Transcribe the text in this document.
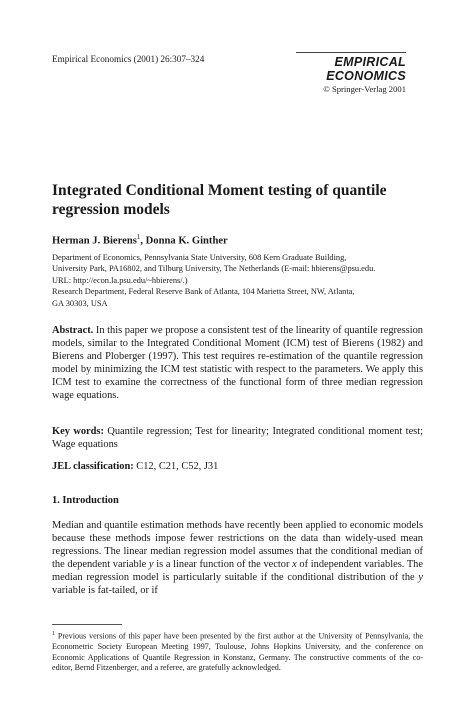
Empirical Economics (2001) 26:307–324	EMPIRICAL
ECONOMICS
© Springer-Verlag 2001
Integrated Conditional Moment testing of quantile regression models
Herman J. Bierens$^1$, Donna K. Ginther
Department of Economics, Pennsylvania State University, 608 Kern Graduate Building,
University Park, PA16802, and Tilburg University, The Netherlands (E-mail: hbierens@psu.edu.
URL: http://econ.la.psu.edu/~hbierens/.)
Research Department, Federal Reserve Bank of Atlanta, 104 Marietta Street, NW, Atlanta,
GA 30303, USA
Abstract. In this paper we propose a consistent test of the linearity of quantile regression models, similar to the Integrated Conditional Moment (ICM) test of Bierens (1982) and Bierens and Ploberger (1997). This test requires re-estimation of the quantile regression model by minimizing the ICM test statistic with respect to the parameters. We apply this ICM test to examine the correctness of the functional form of three median regression wage equations.
Key words: Quantile regression; Test for linearity; Integrated conditional moment test; Wage equations
JEL classification: C12, C21, C52, J31
1. Introduction
Median and quantile estimation methods have recently been applied to economic models because these methods impose fewer restrictions on the data than widely-used mean regressions. The linear median regression model assumes that the conditional median of the dependent variable y is a linear function of the vector x of independent variables. The median regression model is particularly suitable if the conditional distribution of the y variable is fat-tailed, or if
$^1$ Previous versions of this paper have been presented by the first author at the University of Pennsylvania, the Econometric Society European Meeting 1997, Toulouse, Johns Hopkins University, and the conference on Economic Applications of Quantile Regression in Konstanz, Germany. The constructive comments of the co-editor, Bernd Fitzenberger, and a referee, are gratefully acknowledged.
